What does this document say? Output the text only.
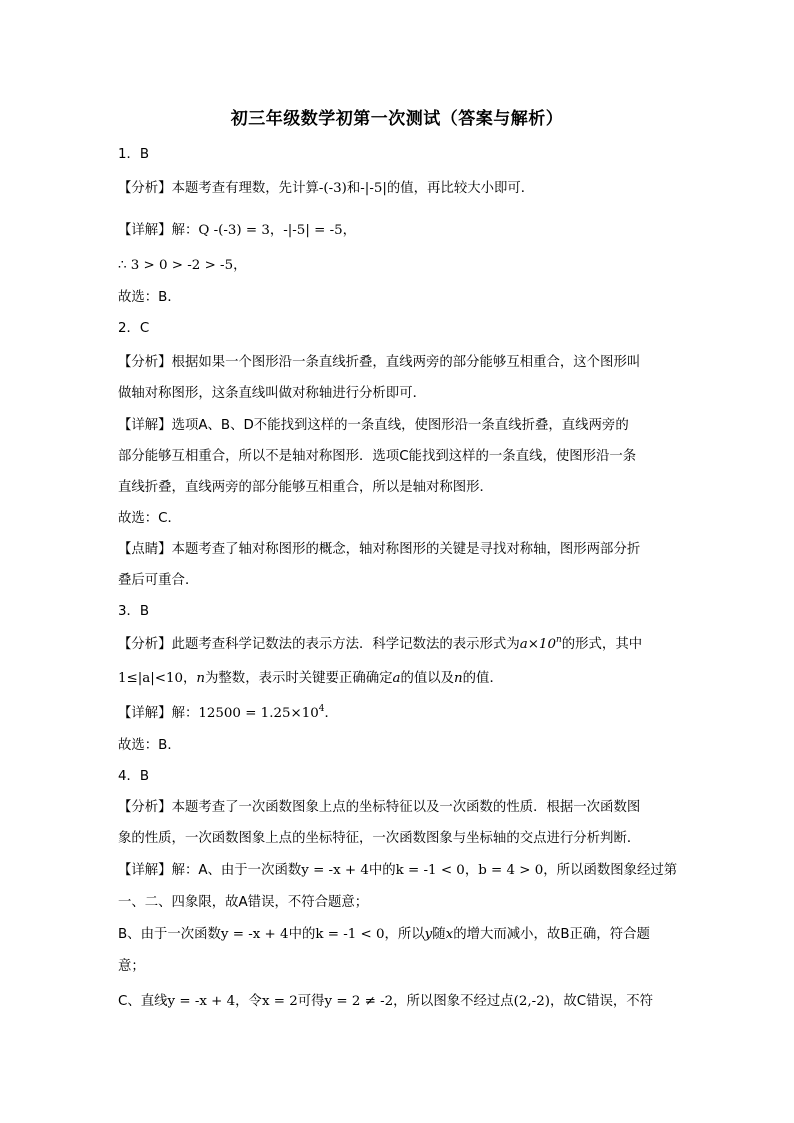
初三年级数学初第一次测试（答案与解析）
1．B
【分析】本题考查有理数，先计算-(-3)和-|-5|的值，再比较大小即可．
【详解】解：Q -(-3) = 3，-|-5| = -5，
∴ 3 > 0 > -2 > -5，
故选：B．
2．C
【分析】根据如果一个图形沿一条直线折叠，直线两旁的部分能够互相重合，这个图形叫
做轴对称图形，这条直线叫做对称轴进行分析即可．
【详解】选项A、B、D不能找到这样的一条直线，使图形沿一条直线折叠，直线两旁的
部分能够互相重合，所以不是轴对称图形．选项C能找到这样的一条直线，使图形沿一条
直线折叠，直线两旁的部分能够互相重合，所以是轴对称图形．
故选：C．
【点睛】本题考查了轴对称图形的概念，轴对称图形的关键是寻找对称轴，图形两部分折
叠后可重合．
3．B
【分析】此题考查科学记数法的表示方法．科学记数法的表示形式为$a\times 10^n$的形式，其中
1≤|a|<10，n为整数，表示时关键要正确确定a的值以及n的值．
【详解】解：$12500 = 1.25\times 10^4$．
故选：B．
4．B
【分析】本题考查了一次函数图象上点的坐标特征以及一次函数的性质．根据一次函数图
象的性质，一次函数图象上点的坐标特征，一次函数图象与坐标轴的交点进行分析判断．
【详解】解：A、由于一次函数y = -x + 4中的k = -1 < 0，b = 4 > 0，所以函数图象经过第
一、二、四象限，故A错误，不符合题意；
B、由于一次函数y = -x + 4中的k = -1 < 0，所以y随x的增大而减小，故B正确，符合题
意；
C、直线y = -x + 4，令x = 2可得y = 2 ≠ -2，所以图象不经过点(2,-2)，故C错误，不符
